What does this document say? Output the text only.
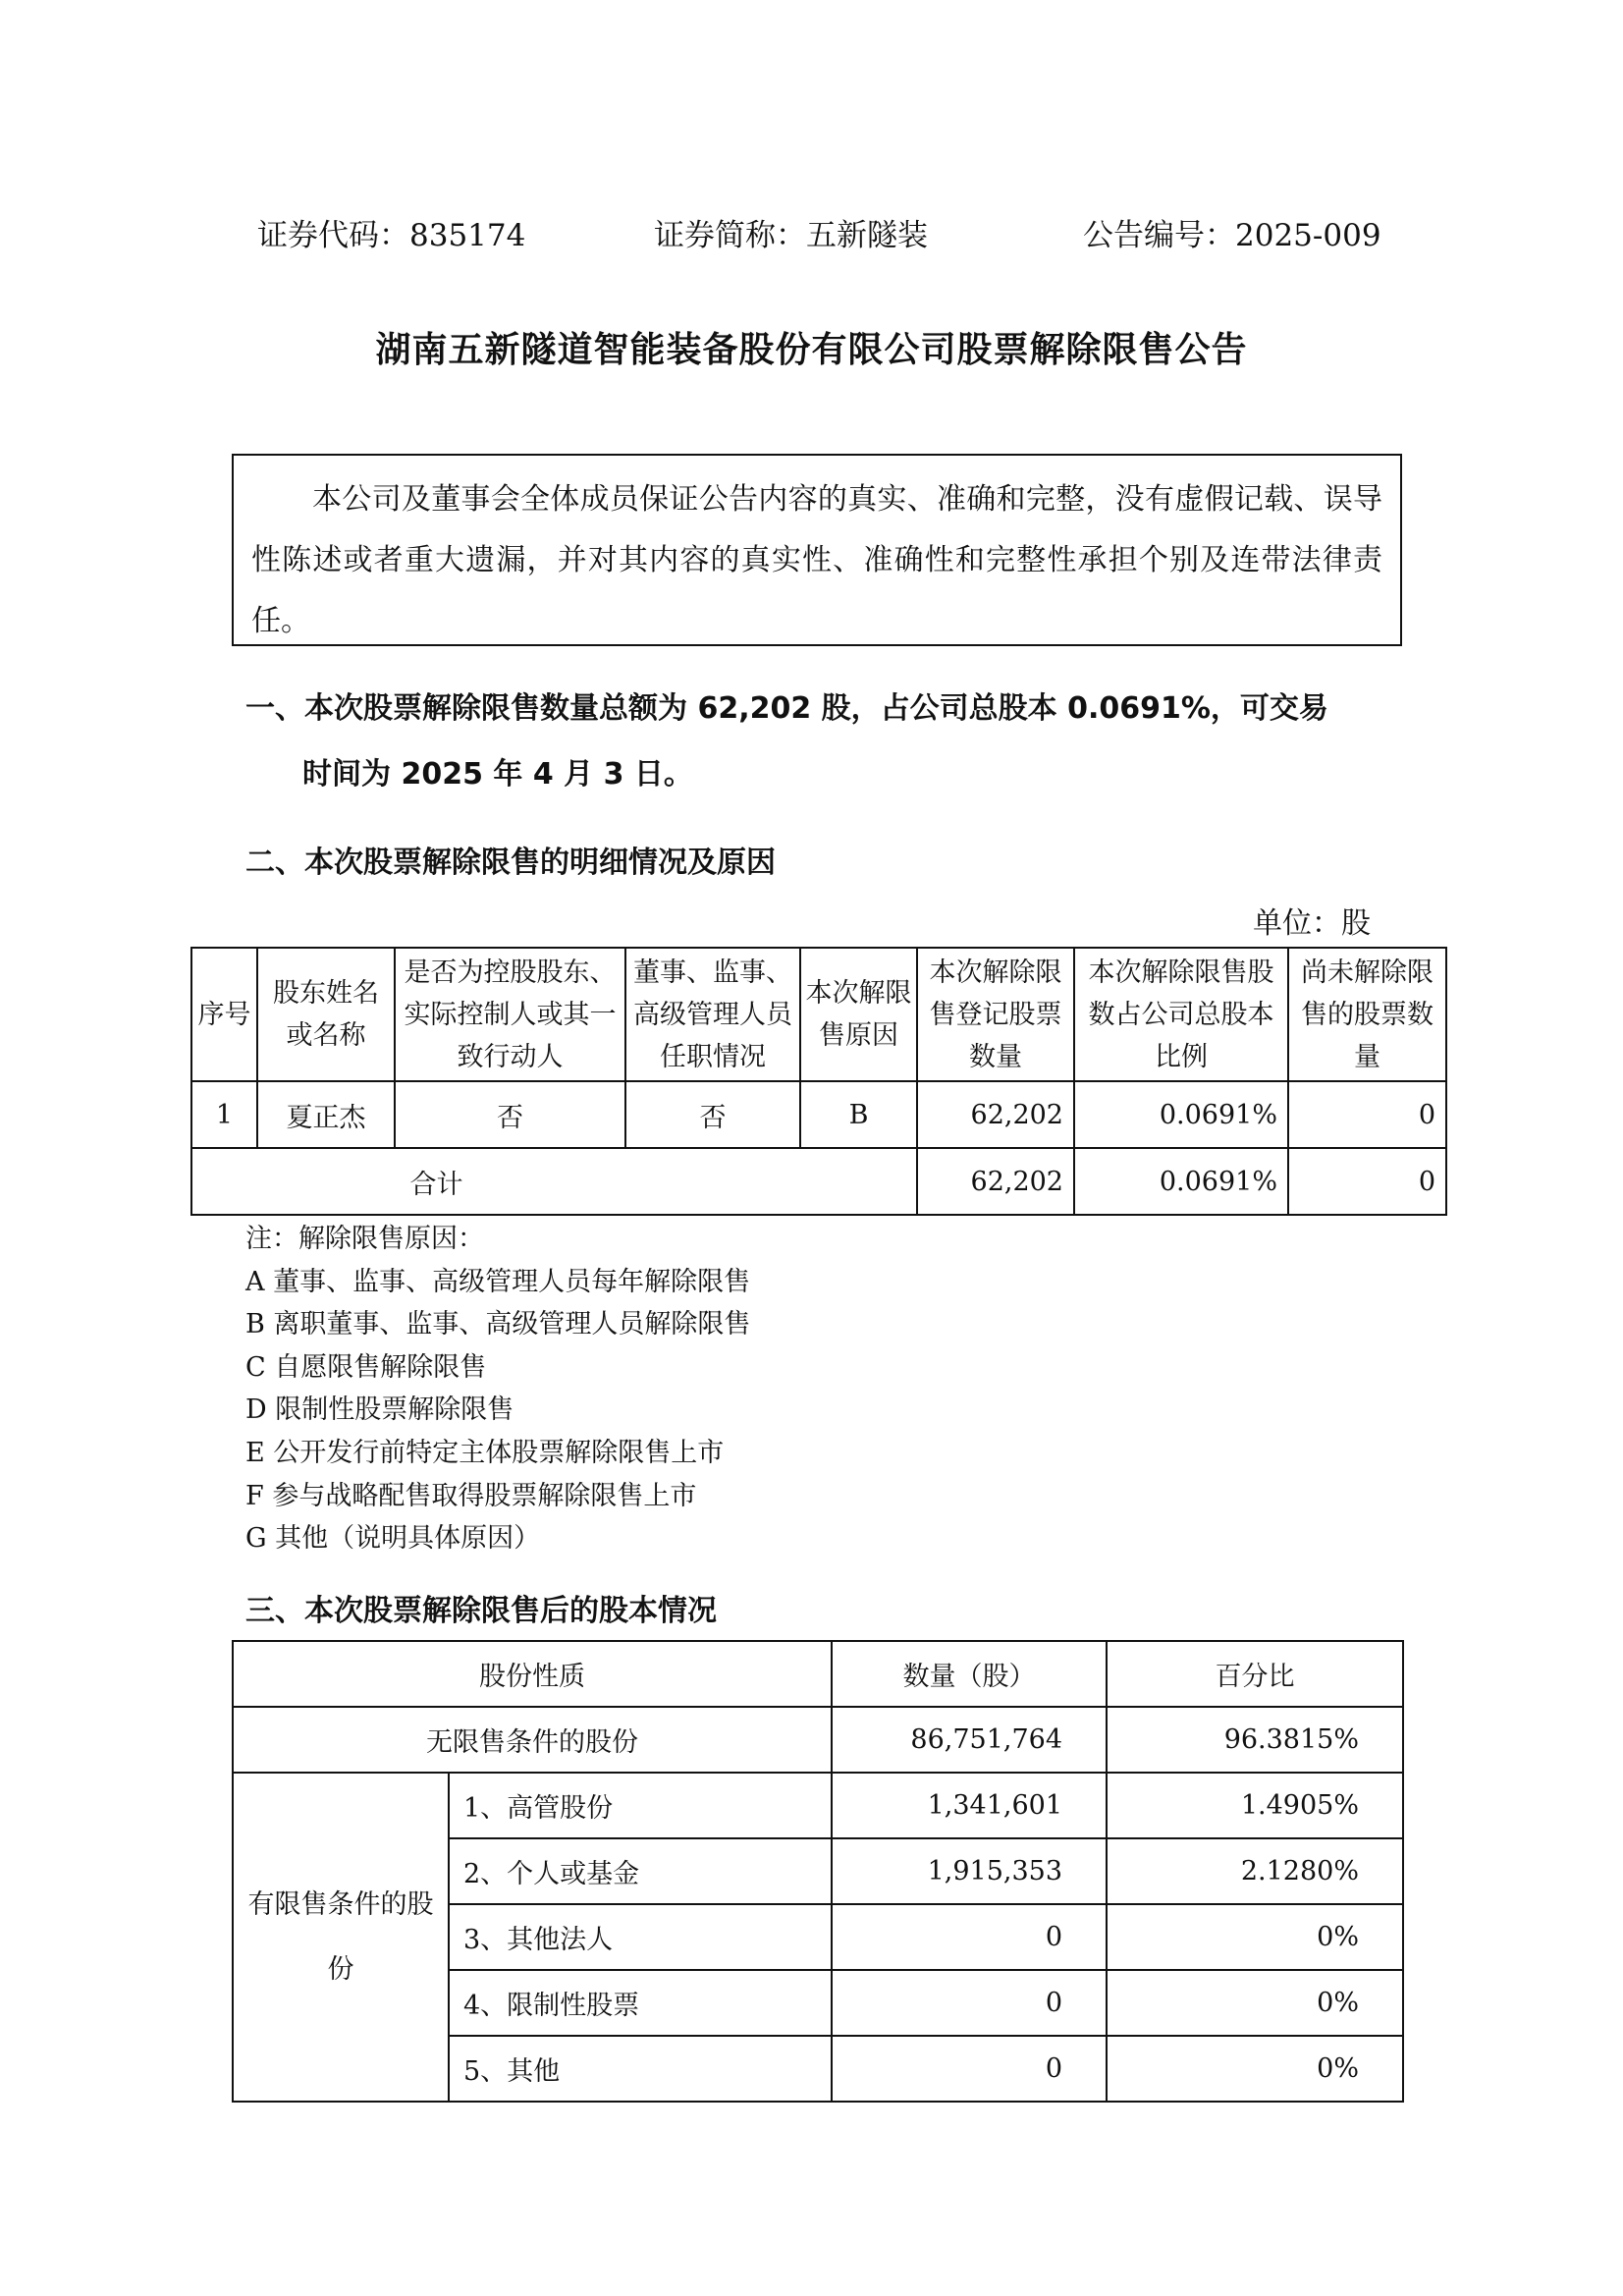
证券代码：835174	证券简称：五新隧装	公告编号：2025-009
湖南五新隧道智能装备股份有限公司股票解除限售公告
本公司及董事会全体成员保证公告内容的真实、准确和完整，没有虚假记载、误导性陈述或者重大遗漏，并对其内容的真实性、准确性和完整性承担个别及连带法律责任。
一、本次股票解除限售数量总额为 62,202 股，占公司总股本 0.0691%，可交易
时间为 2025 年 4 月 3 日。
二、本次股票解除限售的明细情况及原因
单位：股
序号	股东姓名或名称	是否为控股股东、实际控制人或其一致行动人	董事、监事、高级管理人员任职情况	本次解限售原因	本次解除限售登记股票数量	本次解除限售股数占公司总股本比例	尚未解除限售的股票数量
1	夏正杰	否	否	B	62,202	0.0691%	0
合计					62,202	0.0691%	0
注：解除限售原因：
A 董事、监事、高级管理人员每年解除限售
B 离职董事、监事、高级管理人员解除限售
C 自愿限售解除限售
D 限制性股票解除限售
E 公开发行前特定主体股票解除限售上市
F 参与战略配售取得股票解除限售上市
G 其他（说明具体原因）
三、本次股票解除限售后的股本情况
股份性质		数量（股）	百分比
无限售条件的股份		86,751,764	96.3815%
有限售条件的股份	1、高管股份	1,341,601	1.4905%
	2、个人或基金	1,915,353	2.1280%
	3、其他法人	0	0%
	4、限制性股票	0	0%
	5、其他	0	0%
